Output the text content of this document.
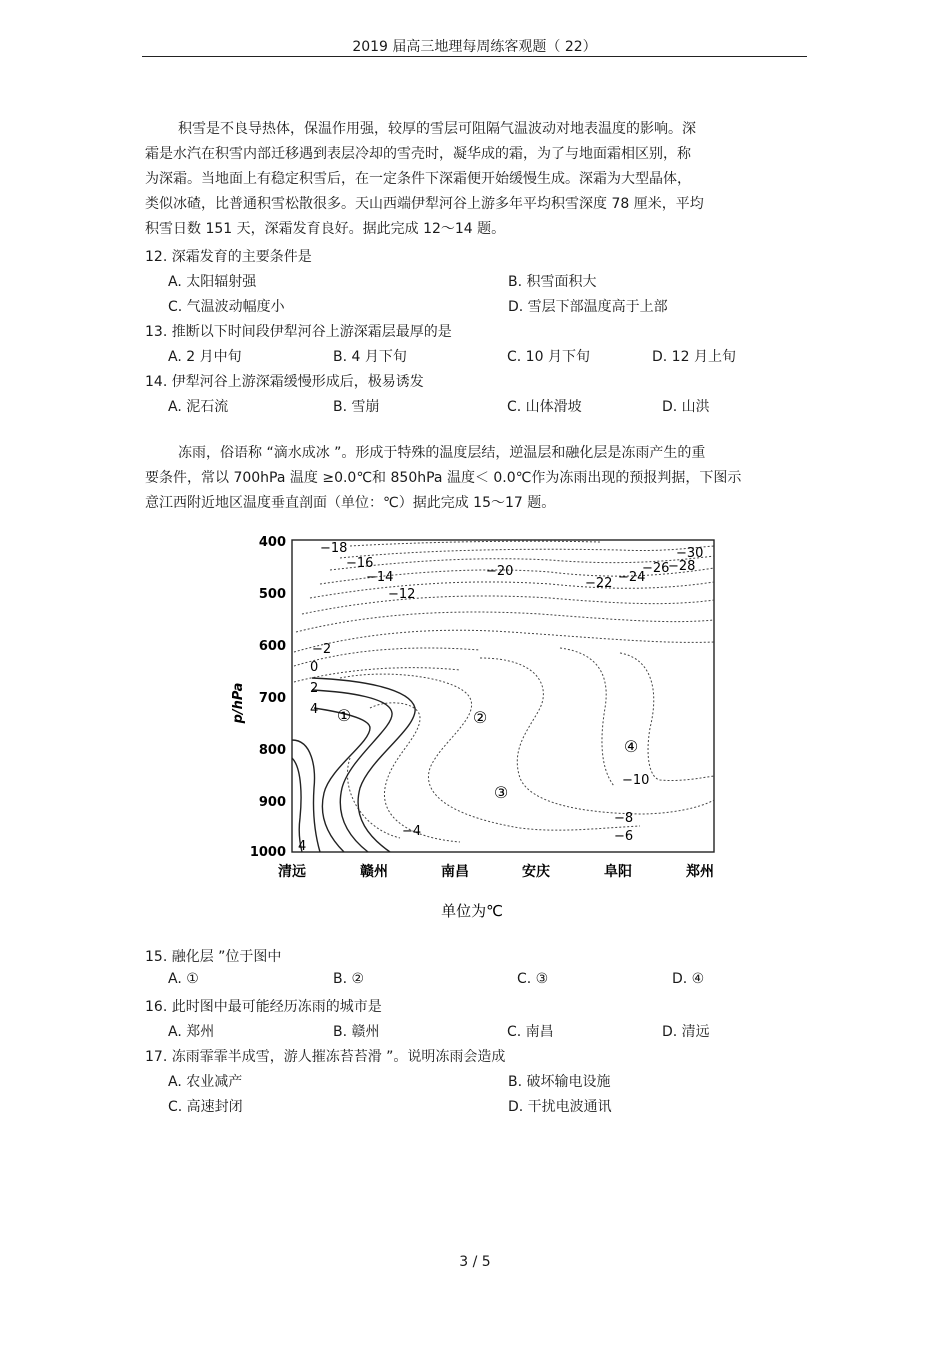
2019 届高三地理每周练客观题（ 22）
积雪是不良导热体，保温作用强，较厚的雪层可阻隔气温波动对地表温度的影响。深
霜是水汽在积雪内部迁移遇到表层冷却的雪壳时，凝华成的霜，为了与地面霜相区别，称
为深霜。当地面上有稳定积雪后，在一定条件下深霜便开始缓慢生成。深霜为大型晶体，
类似冰碴，比普通积雪松散很多。天山西端伊犁河谷上游多年平均积雪深度 78 厘米，平均
积雪日数 151 天，深霜发育良好。据此完成 12～14 题。
12. 深霜发育的主要条件是
A. 太阳辐射强	B. 积雪面积大
C. 气温波动幅度小	D. 雪层下部温度高于上部
13. 推断以下时间段伊犁河谷上游深霜层最厚的是
A. 2 月中旬	B. 4 月下旬	C. 10 月下旬	D. 12 月上旬
14. 伊犁河谷上游深霜缓慢形成后，极易诱发
A. 泥石流	B. 雪崩	C. 山体滑坡	D. 山洪
冻雨，俗语称 “滴水成冰 ”。形成于特殊的温度层结，逆温层和融化层是冻雨产生的重
要条件，常以 700hPa 温度 ≥0.0℃和 850hPa 温度＜ 0.0℃作为冻雨出现的预报判据，下图示
意江西附近地区温度垂直剖面（单位：℃）据此完成 15～17 题。
p/hPa
400
500
600
700
800
900
1000
清远	赣州	南昌	安庆	阜阳	郑州
−18
−16
−14
−12
−20
−22 −24
−26
−28
−30
−2
0
2
4
−4	−6
−8
−10
4
①	②
③
④
单位为℃
15. 融化层 ”位于图中
A. ①	B. ②	C. ③	D. ④
16. 此时图中最可能经历冻雨的城市是
A. 郑州	B. 赣州	C. 南昌	D. 清远
17. 冻雨霏霏半成雪，游人摧冻苔苔滑 ”。说明冻雨会造成
A. 农业减产	B. 破坏输电设施
C. 高速封闭	D. 干扰电波通讯
3 / 5
